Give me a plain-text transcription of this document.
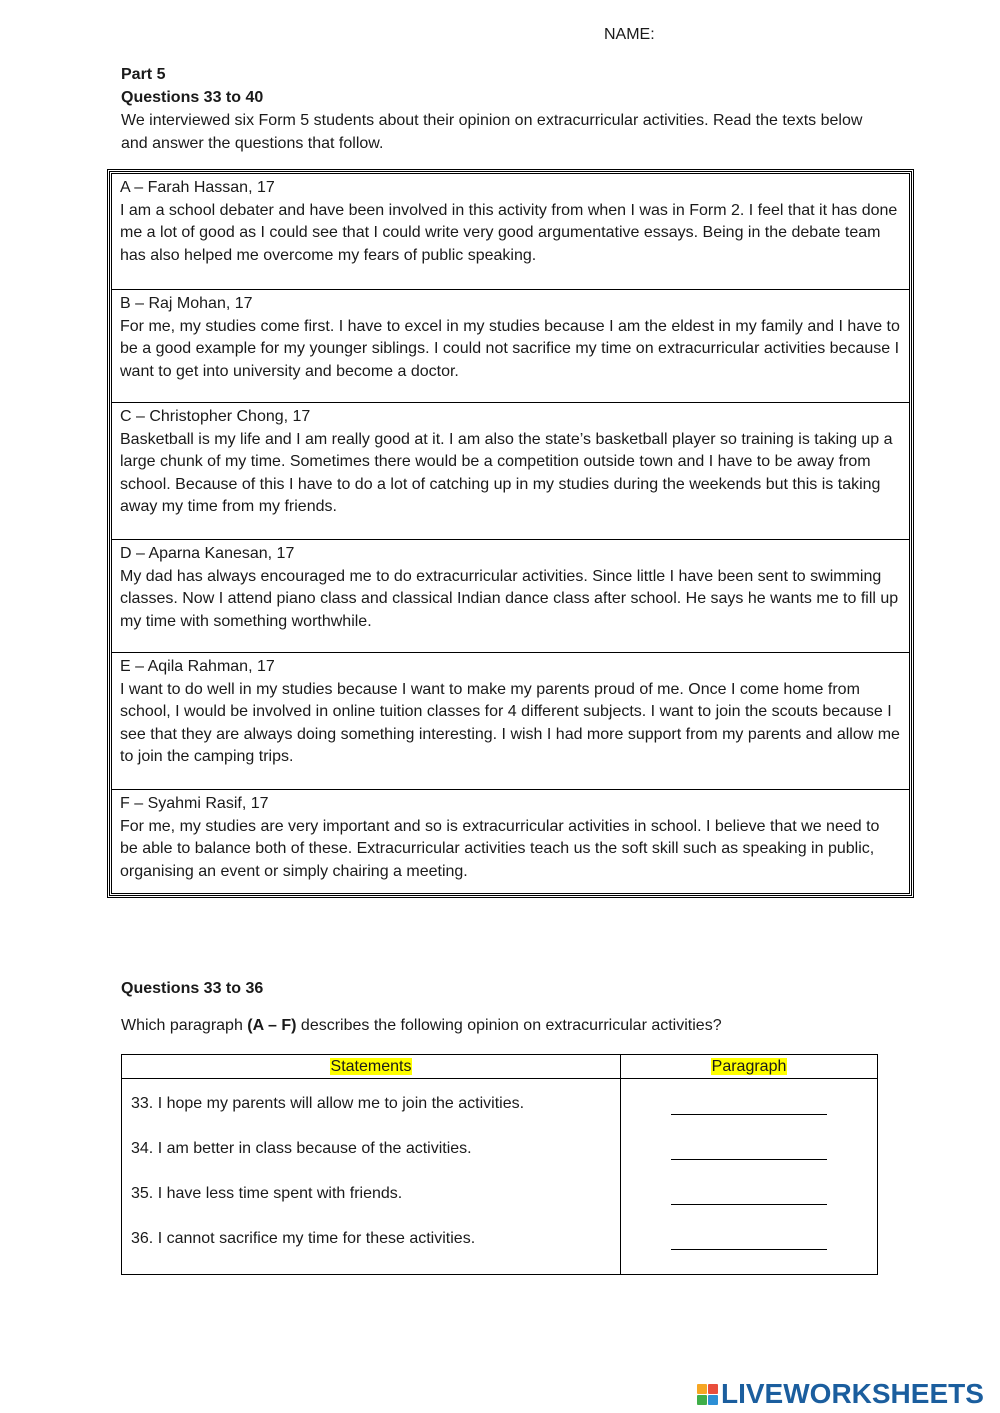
NAME:
Part 5
Questions 33 to 40
We interviewed six Form 5 students about their opinion on extracurricular activities. Read the texts below and answer the questions that follow.
A – Farah Hassan, 17
I am a school debater and have been involved in this activity from when I was in Form 2. I feel that it has done me a lot of good as I could see that I could write very good argumentative essays. Being in the debate team has also helped me overcome my fears of public speaking.
B – Raj Mohan, 17
For me, my studies come first. I have to excel in my studies because I am the eldest in my family and I have to be a good example for my younger siblings. I could not sacrifice my time on extracurricular activities because I want to get into university and become a doctor.
C – Christopher Chong, 17
Basketball is my life and I am really good at it. I am also the state’s basketball player so training is taking up a large chunk of my time. Sometimes there would be a competition outside town and I have to be away from school. Because of this I have to do a lot of catching up in my studies during the weekends but this is taking away my time from my friends.
D – Aparna Kanesan, 17
My dad has always encouraged me to do extracurricular activities. Since little I have been sent to swimming classes. Now I attend piano class and classical Indian dance class after school. He says he wants me to fill up my time with something worthwhile.
E – Aqila Rahman, 17
I want to do well in my studies because I want to make my parents proud of me. Once I come home from school, I would be involved in online tuition classes for 4 different subjects. I want to join the scouts because I see that they are always doing something interesting. I wish I had more support from my parents and allow me to join the camping trips.
F – Syahmi Rasif, 17
For me, my studies are very important and so is extracurricular activities in school. I believe that we need to be able to balance both of these. Extracurricular activities teach us the soft skill such as speaking in public, organising an event or simply chairing a meeting.
Questions 33 to 36
Which paragraph (A – F) describes the following opinion on extracurricular activities?
Statements	Paragraph
33. I hope my parents will allow me to join the activities.
34. I am better in class because of the activities.
35. I have less time spent with friends.
36. I cannot sacrifice my time for these activities.
LIVEWORKSHEETS
